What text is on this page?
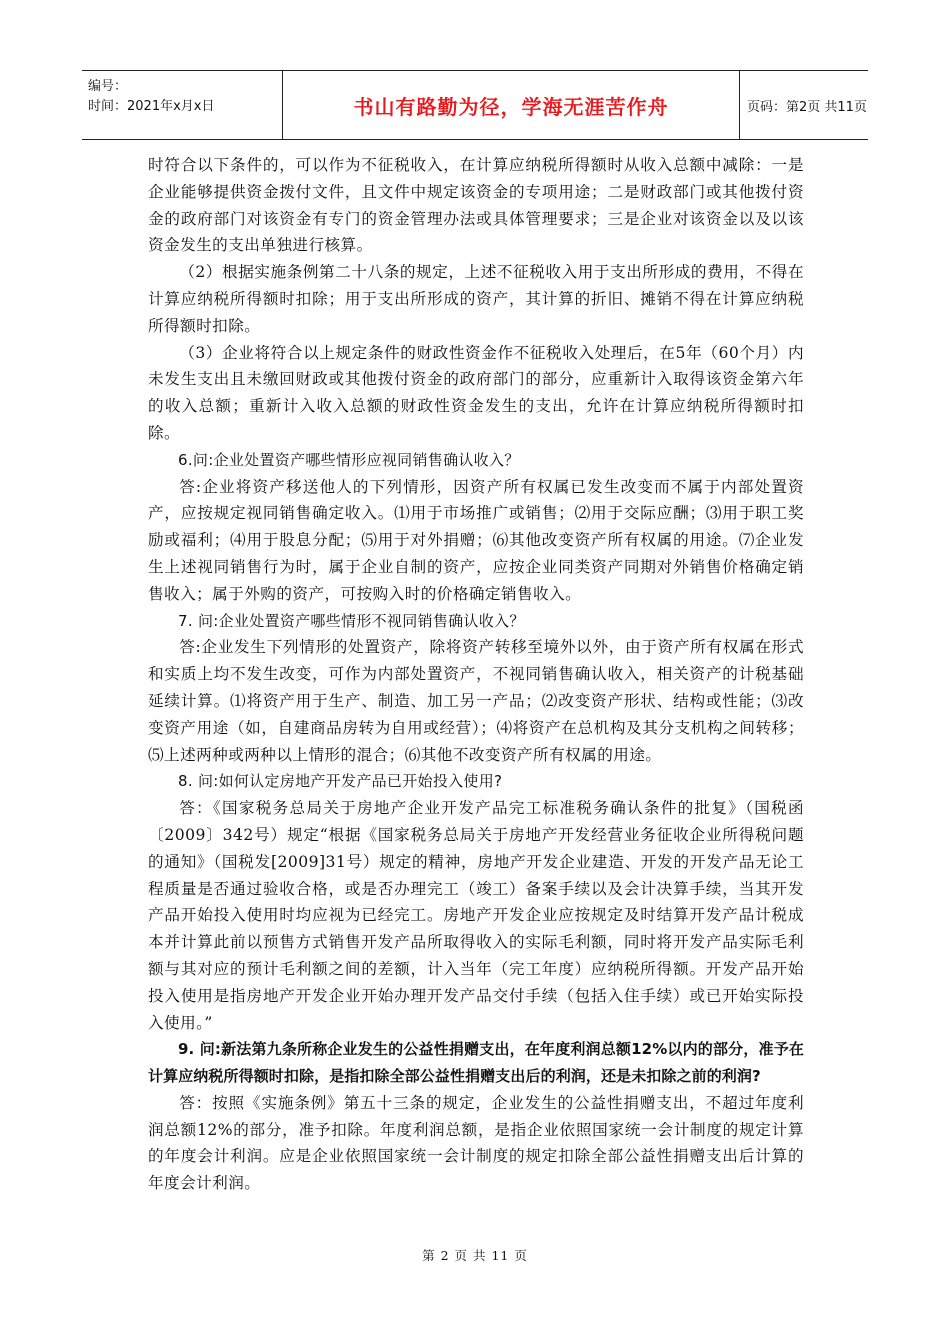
编号：
时间：2021年x月x日	书山有路勤为径，学海无涯苦作舟	页码：第2页 共11页

时符合以下条件的，可以作为不征税收入，在计算应纳税所得额时从收入总额中减除：一是企业能够提供资金拨付文件，且文件中规定该资金的专项用途；二是财政部门或其他拨付资金的政府部门对该资金有专门的资金管理办法或具体管理要求；三是企业对该资金以及以该资金发生的支出单独进行核算。

（2）根据实施条例第二十八条的规定，上述不征税收入用于支出所形成的费用，不得在计算应纳税所得额时扣除；用于支出所形成的资产，其计算的折旧、摊销不得在计算应纳税所得额时扣除。

（3）企业将符合以上规定条件的财政性资金作不征税收入处理后，在5年（60个月）内未发生支出且未缴回财政或其他拨付资金的政府部门的部分，应重新计入取得该资金第六年的收入总额；重新计入收入总额的财政性资金发生的支出，允许在计算应纳税所得额时扣除。

6.问:企业处置资产哪些情形应视同销售确认收入？

答:企业将资产移送他人的下列情形，因资产所有权属已发生改变而不属于内部处置资产，应按规定视同销售确定收入。⑴用于市场推广或销售；⑵用于交际应酬；⑶用于职工奖励或福利；⑷用于股息分配；⑸用于对外捐赠；⑹其他改变资产所有权属的用途。⑺企业发生上述视同销售行为时，属于企业自制的资产，应按企业同类资产同期对外销售价格确定销售收入；属于外购的资产，可按购入时的价格确定销售收入。

7. 问:企业处置资产哪些情形不视同销售确认收入？

答:企业发生下列情形的处置资产，除将资产转移至境外以外，由于资产所有权属在形式和实质上均不发生改变，可作为内部处置资产，不视同销售确认收入，相关资产的计税基础延续计算。⑴将资产用于生产、制造、加工另一产品；⑵改变资产形状、结构或性能；⑶改变资产用途（如，自建商品房转为自用或经营）；⑷将资产在总机构及其分支机构之间转移；⑸上述两种或两种以上情形的混合；⑹其他不改变资产所有权属的用途。

8. 问:如何认定房地产开发产品已开始投入使用?

答：《国家税务总局关于房地产企业开发产品完工标准税务确认条件的批复》（国税函〔2009〕342号）规定“根据《国家税务总局关于房地产开发经营业务征收企业所得税问题的通知》（国税发[2009]31号）规定的精神，房地产开发企业建造、开发的开发产品无论工程质量是否通过验收合格，或是否办理完工（竣工）备案手续以及会计决算手续，当其开发产品开始投入使用时均应视为已经完工。房地产开发企业应按规定及时结算开发产品计税成本并计算此前以预售方式销售开发产品所取得收入的实际毛利额，同时将开发产品实际毛利额与其对应的预计毛利额之间的差额，计入当年（完工年度）应纳税所得额。开发产品开始投入使用是指房地产开发企业开始办理开发产品交付手续（包括入住手续）或已开始实际投入使用。”

9. 问:新法第九条所称企业发生的公益性捐赠支出，在年度利润总额12%以内的部分，准予在计算应纳税所得额时扣除，是指扣除全部公益性捐赠支出后的利润，还是未扣除之前的利润?

答：按照《实施条例》第五十三条的规定，企业发生的公益性捐赠支出，不超过年度利润总额12%的部分，准予扣除。年度利润总额，是指企业依照国家统一会计制度的规定计算的年度会计利润。应是企业依照国家统一会计制度的规定扣除全部公益性捐赠支出后计算的年度会计利润。

第 2 页 共 11 页
